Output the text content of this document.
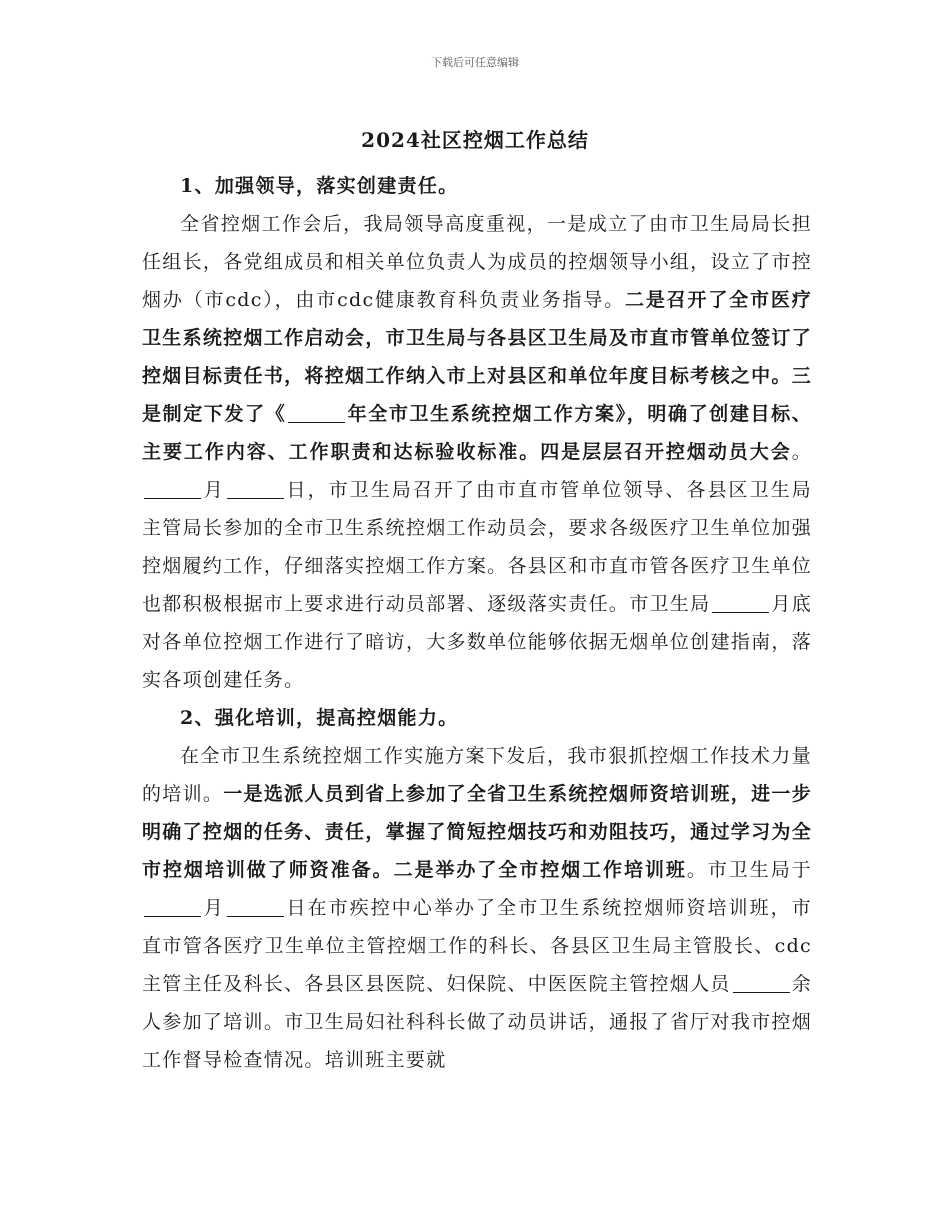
下载后可任意编辑
2024社区控烟工作总结

1、加强领导，落实创建责任。

全省控烟工作会后，我局领导高度重视，一是成立了由市卫生局局长担任组长，各党组成员和相关单位负责人为成员的控烟领导小组，设立了市控烟办（市cdc），由市cdc健康教育科负责业务指导。二是召开了全市医疗卫生系统控烟工作启动会，市卫生局与各县区卫生局及市直市管单位签订了控烟目标责任书，将控烟工作纳入市上对县区和单位年度目标考核之中。三是制定下发了《	年全市卫生系统控烟工作方案》，明确了创建目标、主要工作内容、工作职责和达标验收标准。四是层层召开控烟动员大会。月	日，市卫生局召开了由市直市管单位领导、各县区卫生局主管局长参加的全市卫生系统控烟工作动员会，要求各级医疗卫生单位加强控烟履约工作，仔细落实控烟工作方案。各县区和市直市管各医疗卫生单位也都积极根据市上要求进行动员部署、逐级落实责任。市卫生局	月底对各单位控烟工作进行了暗访，大多数单位能够依据无烟单位创建指南，落实各项创建任务。

2、强化培训，提高控烟能力。

在全市卫生系统控烟工作实施方案下发后，我市狠抓控烟工作技术力量的培训。一是选派人员到省上参加了全省卫生系统控烟师资培训班，进一步明确了控烟的任务、责任，掌握了简短控烟技巧和劝阻技巧，通过学习为全市控烟培训做了师资准备。二是举办了全市控烟工作培训班。市卫生局于月	日在市疾控中心举办了全市卫生系统控烟师资培训班，市直市管各医疗卫生单位主管控烟工作的科长、各县区卫生局主管股长、cdc主管主任及科长、各县区县医院、妇保院、中医医院主管控烟人员	余人参加了培训。市卫生局妇社科科长做了动员讲话，通报了省厅对我市控烟工作督导检查情况。培训班主要就
